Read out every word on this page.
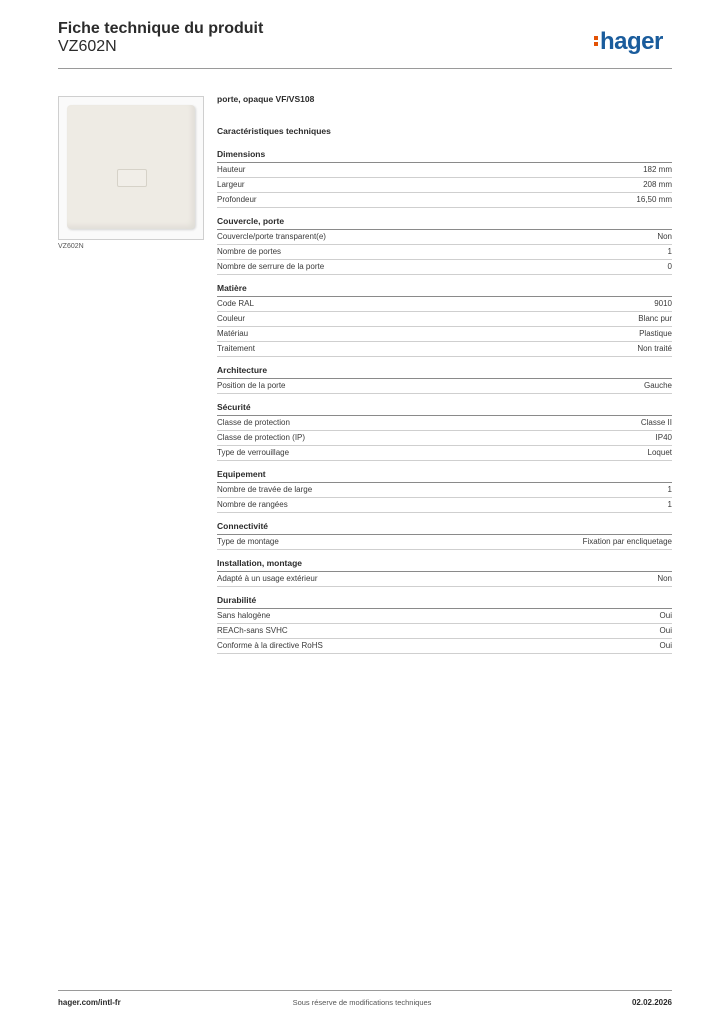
Fiche technique du produit
VZ602N	hager
VZ602N
porte, opaque VF/VS108
Caractéristiques techniques
Dimensions
Hauteur	182 mm
Largeur	208 mm
Profondeur	16,50 mm
Couvercle, porte
Couvercle/porte transparent(e)	Non
Nombre de portes	1
Nombre de serrure de la porte	0
Matière
Code RAL	9010
Couleur	Blanc pur
Matériau	Plastique
Traitement	Non traité
Architecture
Position de la porte	Gauche
Sécurité
Classe de protection	Classe II
Classe de protection (IP)	IP40
Type de verrouillage	Loquet
Equipement
Nombre de travée de large	1
Nombre de rangées	1
Connectivité
Type de montage	Fixation par encliquetage
Installation, montage
Adapté à un usage extérieur	Non
Durabilité
Sans halogène	Oui
REACh-sans SVHC	Oui
Conforme à la directive RoHS	Oui
hager.com/intl-fr	Sous réserve de modifications techniques	02.02.2026
